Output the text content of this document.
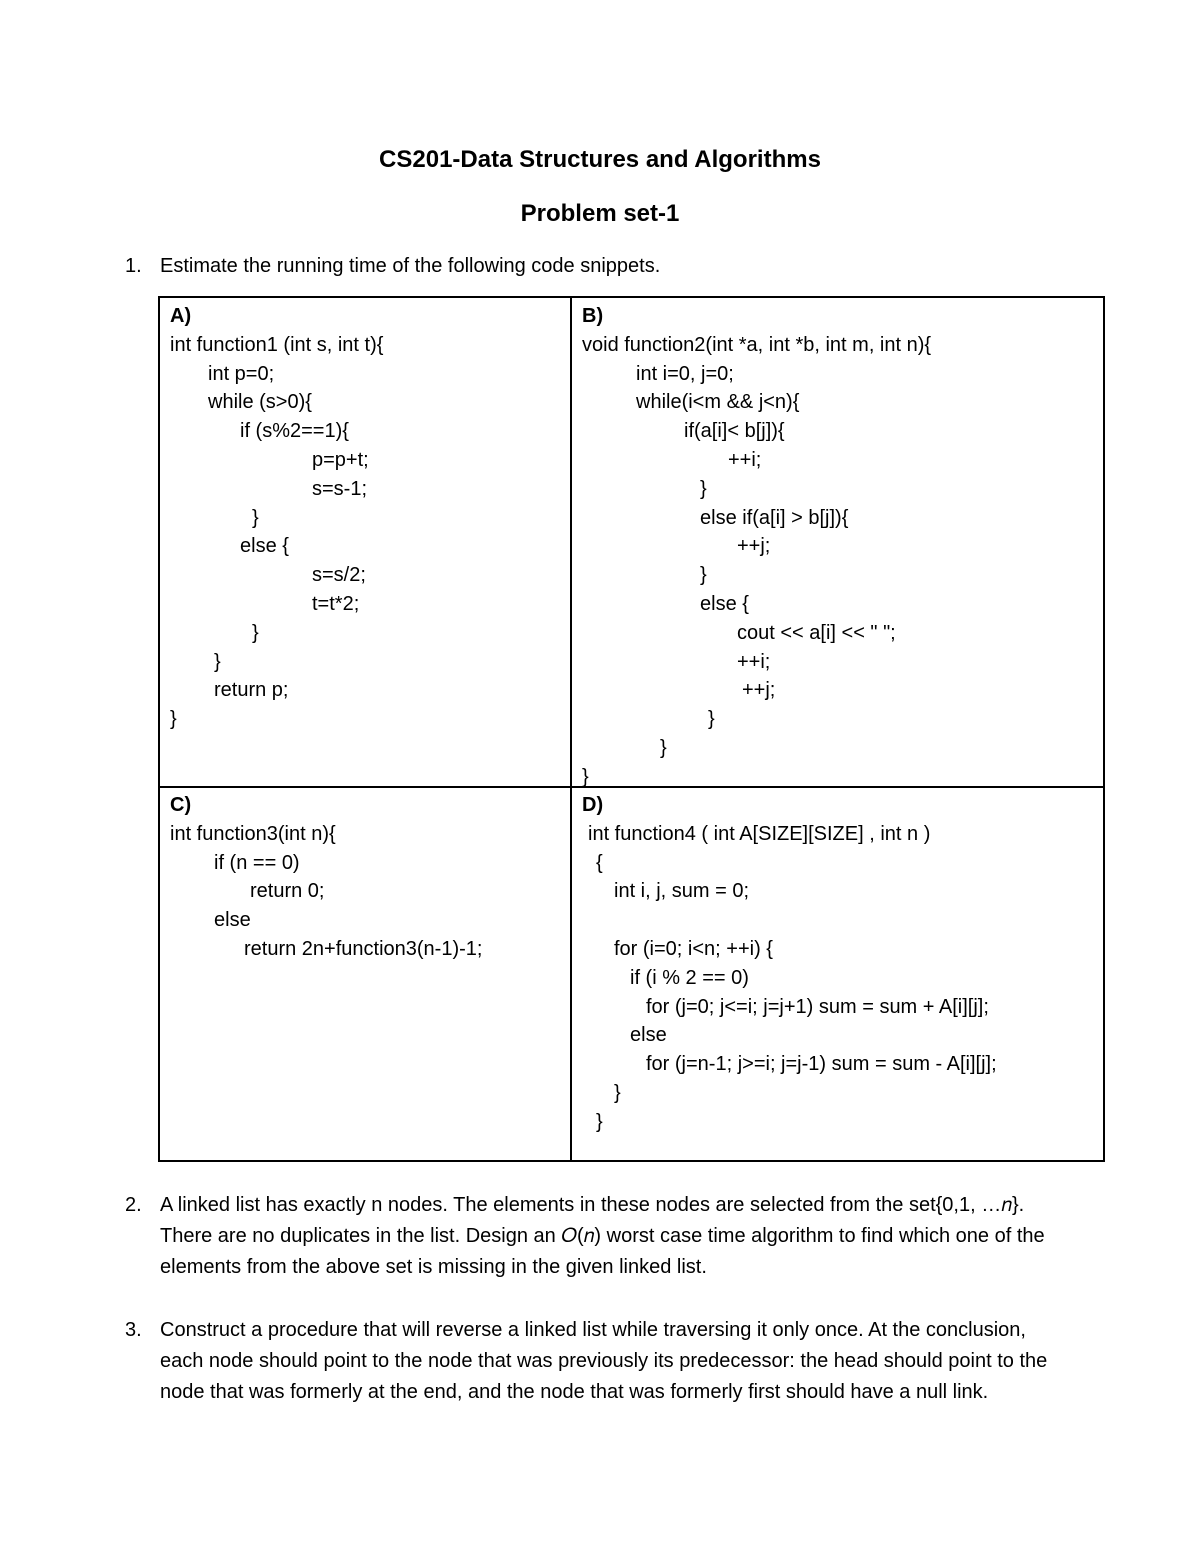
CS201-Data Structures and Algorithms
Problem set-1
1. Estimate the running time of the following code snippets.
A)
int function1 (int s, int t){
int p=0;
while (s>0){
if (s%2==1){
p=p+t;
s=s-1;
}
else {
s=s/2;
t=t*2;
}
}
return p;
}
B)
void function2(int *a, int *b, int m, int n){
int i=0, j=0;
while(i<m && j<n){
if(a[i]< b[j]){
++i;
}
else if(a[i] > b[j]){
++j;
}
else {
cout << a[i] << " ";
++i;
++j;
}
}
}
C)
int function3(int n){
if (n == 0)
return 0;
else
return 2n+function3(n-1)-1;
D)
int function4 ( int A[SIZE][SIZE] , int n )
{
int i, j, sum = 0;

for (i=0; i<n; ++i) {
if (i % 2 == 0)
for (j=0; j<=i; j=j+1) sum = sum + A[i][j];
else
for (j=n-1; j>=i; j=j-1) sum = sum - A[i][j];
}
}
2. A linked list has exactly n nodes. The elements in these nodes are selected from the set{0,1, …𝑛}.

There are no duplicates in the list. Design an 𝑂(𝑛) worst case time algorithm to find which one of the

elements from the above set is missing in the given linked list.

3. Construct a procedure that will reverse a linked list while traversing it only once. At the conclusion,

each node should point to the node that was previously its predecessor: the head should point to the

node that was formerly at the end, and the node that was formerly first should have a null link.
